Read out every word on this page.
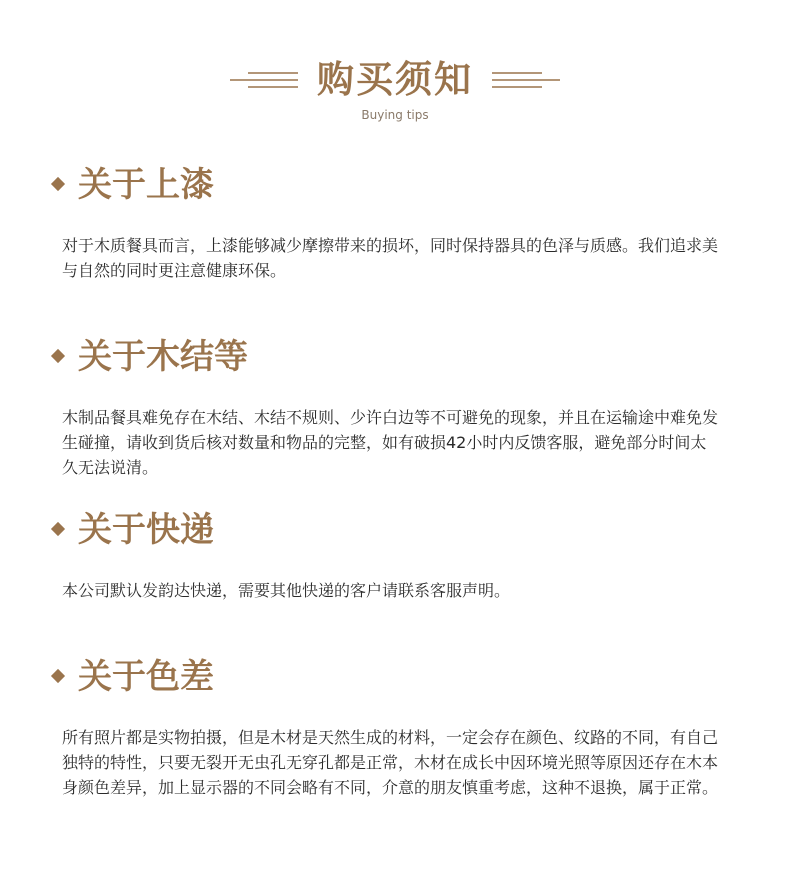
购买须知
Buying tips
关于上漆
对于木质餐具而言，上漆能够减少摩擦带来的损坏，同时保持器具的色泽与质感。我们追求美与自然的同时更注意健康环保。
关于木结等
木制品餐具难免存在木结、木结不规则、少许白边等不可避免的现象，并且在运输途中难免发生碰撞，请收到货后核对数量和物品的完整，如有破损42小时内反馈客服，避免部分时间太久无法说清。
关于快递
本公司默认发韵达快递，需要其他快递的客户请联系客服声明。
关于色差
所有照片都是实物拍摄，但是木材是天然生成的材料，一定会存在颜色、纹路的不同，有自己独特的特性，只要无裂开无虫孔无穿孔都是正常，木材在成长中因环境光照等原因还存在木本身颜色差异，加上显示器的不同会略有不同，介意的朋友慎重考虑，这种不退换，属于正常。
